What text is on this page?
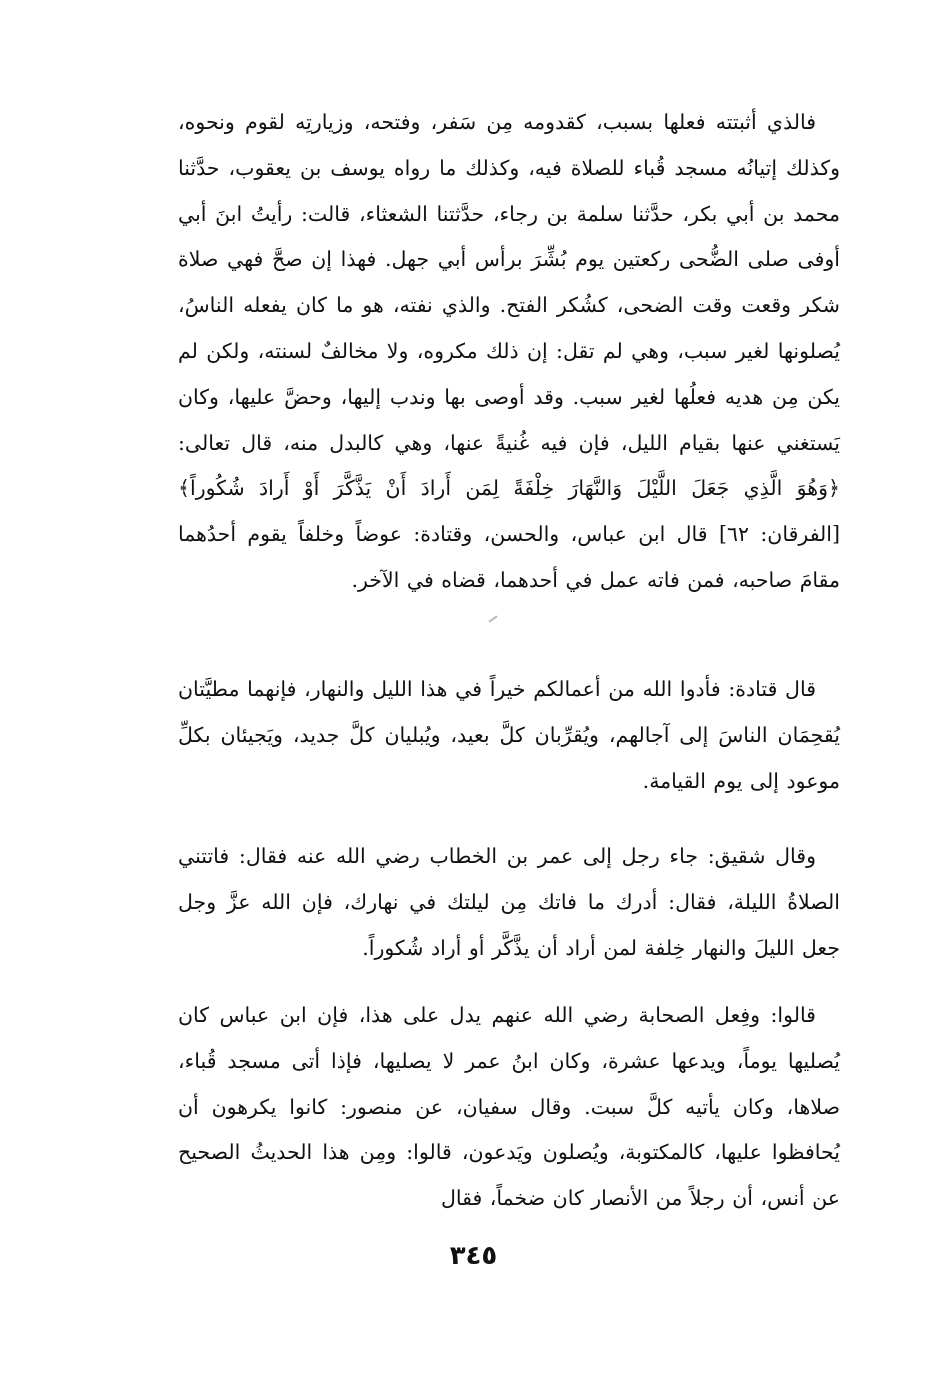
فالذي أثبتته فعلها بسبب، كقدومه مِن سَفر، وفتحه، وزيارتِه لقوم ونحوه، وكذلك إتيانُه مسجد قُباء للصلاة فيه، وكذلك ما رواه يوسف بن يعقوب، حدَّثنا محمد بن أبي بكر، حدَّثنا سلمة بن رجاء، حدَّثتنا الشعثاء، قالت: رأيتُ ابنَ أبي أوفى صلى الضُّحى ركعتين يوم بُشِّرَ برأس أبي جهل. فهذا إن صحَّ فهي صلاة شكر وقعت وقت الضحى، كشُكر الفتح. والذي نفته، هو ما كان يفعله الناسُ، يُصلونها لغير سبب، وهي لم تقل: إن ذلك مكروه، ولا مخالفٌ لسنته، ولكن لم يكن مِن هديه فعلُها لغير سبب. وقد أوصى بها وندب إليها، وحضَّ عليها، وكان يَستغني عنها بقيام الليل، فإن فيه غُنيةً عنها، وهي كالبدل منه، قال تعالى: ﴿وَهُوَ الَّذِي جَعَلَ اللَّيْلَ وَالنَّهَارَ خِلْفَةً لِمَن أَرادَ أَنْ يَذَّكَّرَ أَوْ أَرادَ شُكُوراً﴾ [الفرقان: ٦٢] قال ابن عباس، والحسن، وقتادة: عوضاً وخلفاً يقوم أحدُهما مقامَ صاحبه، فمن فاته عمل في أحدهما، قضاه في الآخر.

قال قتادة: فأدوا الله من أعمالكم خيراً في هذا الليل والنهار، فإنهما مطيَّتان يُقحِمَان الناسَ إلى آجالهم، ويُقرِّبان كلَّ بعيد، ويُبليان كلَّ جديد، ويَجيئان بكلِّ موعود إلى يوم القيامة.

وقال شقيق: جاء رجل إلى عمر بن الخطاب رضي الله عنه فقال: فاتتني الصلاةُ الليلة، فقال: أدرك ما فاتك مِن ليلتك في نهارك، فإن الله عزَّ وجل جعل الليلَ والنهار خِلفة لمن أراد أن يذَّكَّر أو أراد شُكوراً.

قالوا: وفِعل الصحابة رضي الله عنهم يدل على هذا، فإن ابن عباس كان يُصليها يوماً، ويدعها عشرة، وكان ابنُ عمر لا يصليها، فإذا أتى مسجد قُباء، صلاها، وكان يأتيه كلَّ سبت. وقال سفيان، عن منصور: كانوا يكرهون أن يُحافظوا عليها، كالمكتوبة، ويُصلون ويَدعون، قالوا: ومِن هذا الحديثُ الصحيح عن أنس، أن رجلاً من الأنصار كان ضخماً، فقال

٣٤٥
